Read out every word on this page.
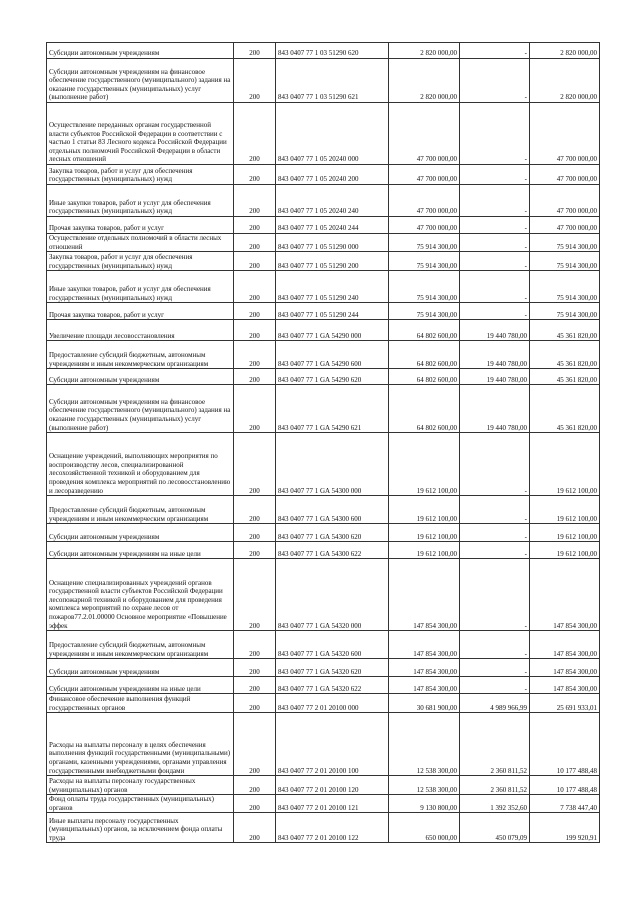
Субсидии автономным учреждениям	200	843 0407 77 1 03 51290 620	2 820 000,00	-	2 820 000,00
Субсидии автономным учреждениям на финансовое обеспечение государственного (муниципального) задания на оказание государственных (муниципальных) услуг (выполнение работ)	200	843 0407 77 1 03 51290 621	2 820 000,00	-	2 820 000,00
Осуществление переданных органам государственной власти субъектов Российской Федерации в соответствии с частью 1 статьи 83 Лесного кодекса Российской Федерации отдельных полномочий Российской Федерации в области лесных отношений	200	843 0407 77 1 05 20240 000	47 700 000,00	-	47 700 000,00
Закупка товаров, работ и услуг для обеспечения государственных (муниципальных) нужд	200	843 0407 77 1 05 20240 200	47 700 000,00	-	47 700 000,00
Иные закупки товаров, работ и услуг для обеспечения государственных (муниципальных) нужд	200	843 0407 77 1 05 20240 240	47 700 000,00	-	47 700 000,00
Прочая закупка товаров, работ и услуг	200	843 0407 77 1 05 20240 244	47 700 000,00	-	47 700 000,00
Осуществление отдельных полномочий в области лесных отношений	200	843 0407 77 1 05 51290 000	75 914 300,00	-	75 914 300,00
Закупка товаров, работ и услуг для обеспечения государственных (муниципальных) нужд	200	843 0407 77 1 05 51290 200	75 914 300,00	-	75 914 300,00
Иные закупки товаров, работ и услуг для обеспечения государственных (муниципальных) нужд	200	843 0407 77 1 05 51290 240	75 914 300,00	-	75 914 300,00
Прочая закупка товаров, работ и услуг	200	843 0407 77 1 05 51290 244	75 914 300,00	-	75 914 300,00
Увеличение площади лесовосстановления	200	843 0407 77 1 GA 54290 000	64 802 600,00	19 440 780,00	45 361 820,00
Предоставление субсидий бюджетным, автономным учреждениям и иным некоммерческим организациям	200	843 0407 77 1 GA 54290 600	64 802 600,00	19 440 780,00	45 361 820,00
Субсидии автономным учреждениям	200	843 0407 77 1 GA 54290 620	64 802 600,00	19 440 780,00	45 361 820,00
Субсидии автономным учреждениям на финансовое обеспечение государственного (муниципального) задания на оказание государственных (муниципальных) услуг (выполнение работ)	200	843 0407 77 1 GA 54290 621	64 802 600,00	19 440 780,00	45 361 820,00
Оснащение учреждений, выполняющих мероприятия по воспроизводству лесов, специализированной лесохозяйственной техникой и оборудованием для проведения комплекса мероприятий по лесовосстановлению и лесоразведению	200	843 0407 77 1 GA 54300 000	19 612 100,00	-	19 612 100,00
Предоставление субсидий бюджетным, автономным учреждениям и иным некоммерческим организациям	200	843 0407 77 1 GA 54300 600	19 612 100,00	-	19 612 100,00
Субсидии автономным учреждениям	200	843 0407 77 1 GA 54300 620	19 612 100,00	-	19 612 100,00
Субсидии автономным учреждениям на иные цели	200	843 0407 77 1 GA 54300 622	19 612 100,00	-	19 612 100,00
Оснащение специализированных учреждений органов государственной власти субъектов Российской Федерации лесопожарной техникой и оборудованием для проведения комплекса мероприятий по охране лесов от пожаров77.2.01.00000 Основное мероприятие «Повышение эффек	200	843 0407 77 1 GA 54320 000	147 854 300,00	-	147 854 300,00
Предоставление субсидий бюджетным, автономным учреждениям и иным некоммерческим организациям	200	843 0407 77 1 GA 54320 600	147 854 300,00	-	147 854 300,00
Субсидии автономным учреждениям	200	843 0407 77 1 GA 54320 620	147 854 300,00	-	147 854 300,00
Субсидии автономным учреждениям на иные цели	200	843 0407 77 1 GA 54320 622	147 854 300,00	-	147 854 300,00
Финансовое обеспечение выполнения функций государственных органов	200	843 0407 77 2 01 20100 000	30 681 900,00	4 989 966,99	25 691 933,01
Расходы на выплаты персоналу в целях обеспечения выполнения функций государственными (муниципальными) органами, казенными учреждениями, органами управления государственными внебюджетными фондами	200	843 0407 77 2 01 20100 100	12 538 300,00	2 360 811,52	10 177 488,48
Расходы на выплаты персоналу государственных (муниципальных) органов	200	843 0407 77 2 01 20100 120	12 538 300,00	2 360 811,52	10 177 488,48
Фонд оплаты труда государственных (муниципальных) органов	200	843 0407 77 2 01 20100 121	9 130 800,00	1 392 352,60	7 738 447,40
Иные выплаты персоналу государственных (муниципальных) органов, за исключением фонда оплаты труда	200	843 0407 77 2 01 20100 122	650 000,00	450 079,09	199 920,91
